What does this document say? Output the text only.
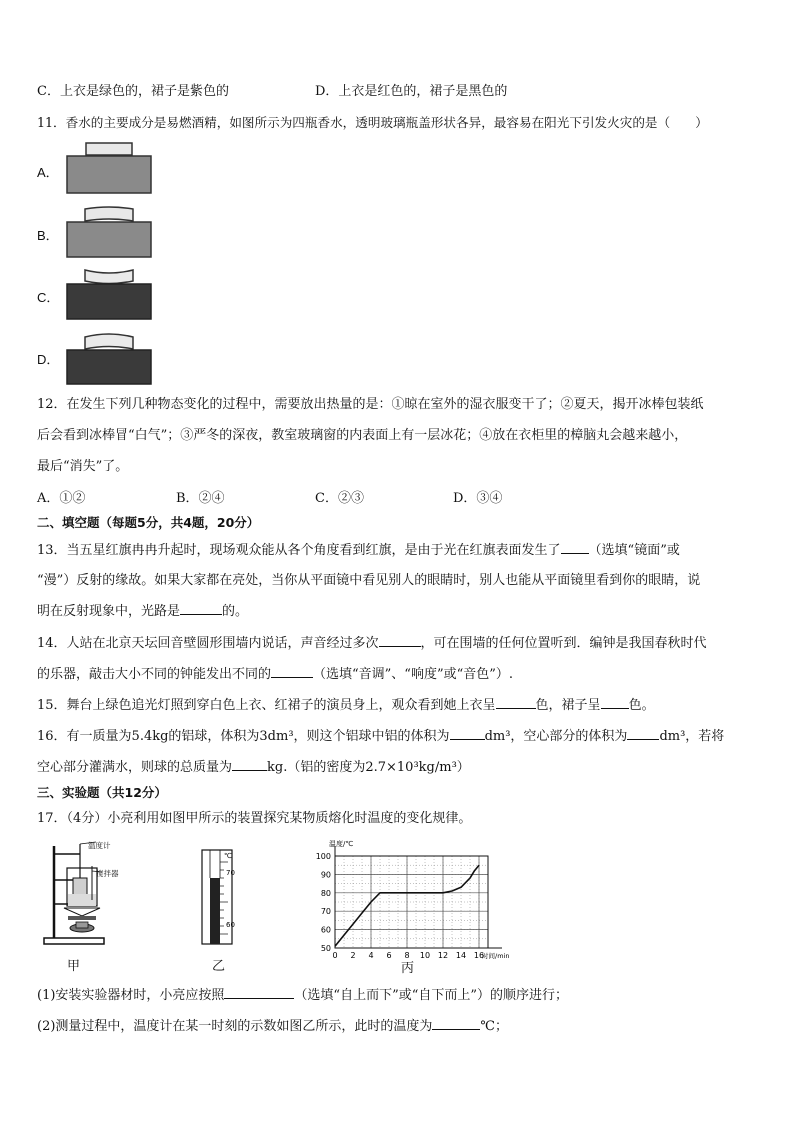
C．上衣是绿色的，裙子是紫色的	D．上衣是红色的，裙子是黑色的
11．香水的主要成分是易燃酒精，如图所示为四瓶香水，透明玻璃瓶盖形状各异，最容易在阳光下引发火灾的是（　　）
A．
B．
C．
D．
12．在发生下列几种物态变化的过程中，需要放出热量的是：①晾在室外的湿衣服变干了；②夏天，揭开冰棒包装纸
后会看到冰棒冒“白气”；③严冬的深夜，教室玻璃窗的内表面上有一层冰花；④放在衣柜里的樟脑丸会越来越小，
最后“消失”了。
A．①②	B．②④	C．②③	D．③④
二、填空题（每题5分，共4题，20分）
13．当五星红旗冉冉升起时，现场观众能从各个角度看到红旗，是由于光在红旗表面发生了 （选填“镜面”或
“漫”）反射的缘故。如果大家都在亮处，当你从平面镜中看见别人的眼睛时，别人也能从平面镜里看到你的眼睛，说
明在反射现象中，光路是	的。
14．人站在北京天坛回音壁圆形围墙内说话，声音经过多次	，可在围墙的任何位置听到．编钟是我国春秋时代
的乐器，敲击大小不同的钟能发出不同的	（选填“音调”、“响度”或“音色”）.
15．舞台上绿色追光灯照到穿白色上衣、红裙子的演员身上，观众看到她上衣呈	色，裙子呈 色。
16．有一质量为5.4kg的铝球，体积为3dm³，则这个铝球中铝的体积为	dm³，空心部分的体积为 dm³，若将
空心部分灌满水，则球的总质量为	kg.（铝的密度为2.7×10³kg/m³）
三、实验题（共12分）
17．（4分）小亮利用如图甲所示的装置探究某物质熔化时温度的变化规律。
温度计
搅拌器
甲
℃
70
60
乙
50
60
70
80
90
100
0 2 4 6 8 10 12 14 16
温度/℃
时间/min
丙
(1)安装实验器材时，小亮应按照	（选填“自上而下”或“自下而上”）的顺序进行；
(2)测量过程中，温度计在某一时刻的示数如图乙所示，此时的温度为	℃；
